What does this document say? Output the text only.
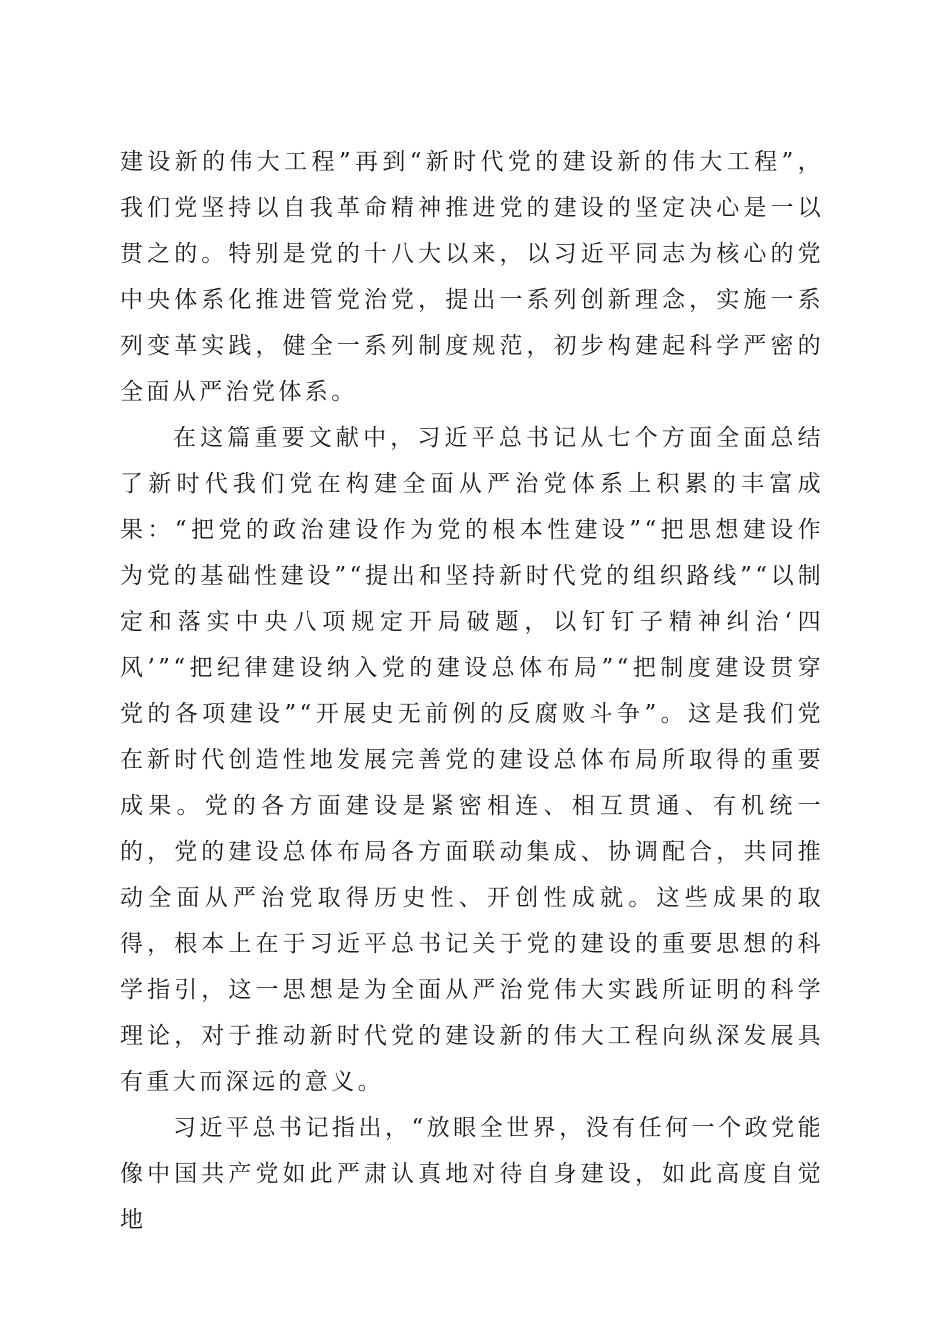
建设新的伟大工程”再到“新时代党的建设新的伟大工程”，我们党坚持以自我革命精神推进党的建设的坚定决心是一以贯之的。特别是党的十八大以来，以习近平同志为核心的党中央体系化推进管党治党，提出一系列创新理念，实施一系列变革实践，健全一系列制度规范，初步构建起科学严密的全面从严治党体系。

在这篇重要文献中，习近平总书记从七个方面全面总结了新时代我们党在构建全面从严治党体系上积累的丰富成果：“把党的政治建设作为党的根本性建设”“把思想建设作为党的基础性建设”“提出和坚持新时代党的组织路线”“以制定和落实中央八项规定开局破题，以钉钉子精神纠治‘四风’”“把纪律建设纳入党的建设总体布局”“把制度建设贯穿党的各项建设”“开展史无前例的反腐败斗争”。这是我们党在新时代创造性地发展完善党的建设总体布局所取得的重要成果。党的各方面建设是紧密相连、相互贯通、有机统一的，党的建设总体布局各方面联动集成、协调配合，共同推动全面从严治党取得历史性、开创性成就。这些成果的取得，根本上在于习近平总书记关于党的建设的重要思想的科学指引，这一思想是为全面从严治党伟大实践所证明的科学理论，对于推动新时代党的建设新的伟大工程向纵深发展具有重大而深远的意义。

习近平总书记指出，“放眼全世界，没有任何一个政党能像中国共产党如此严肃认真地对待自身建设，如此高度自觉地
